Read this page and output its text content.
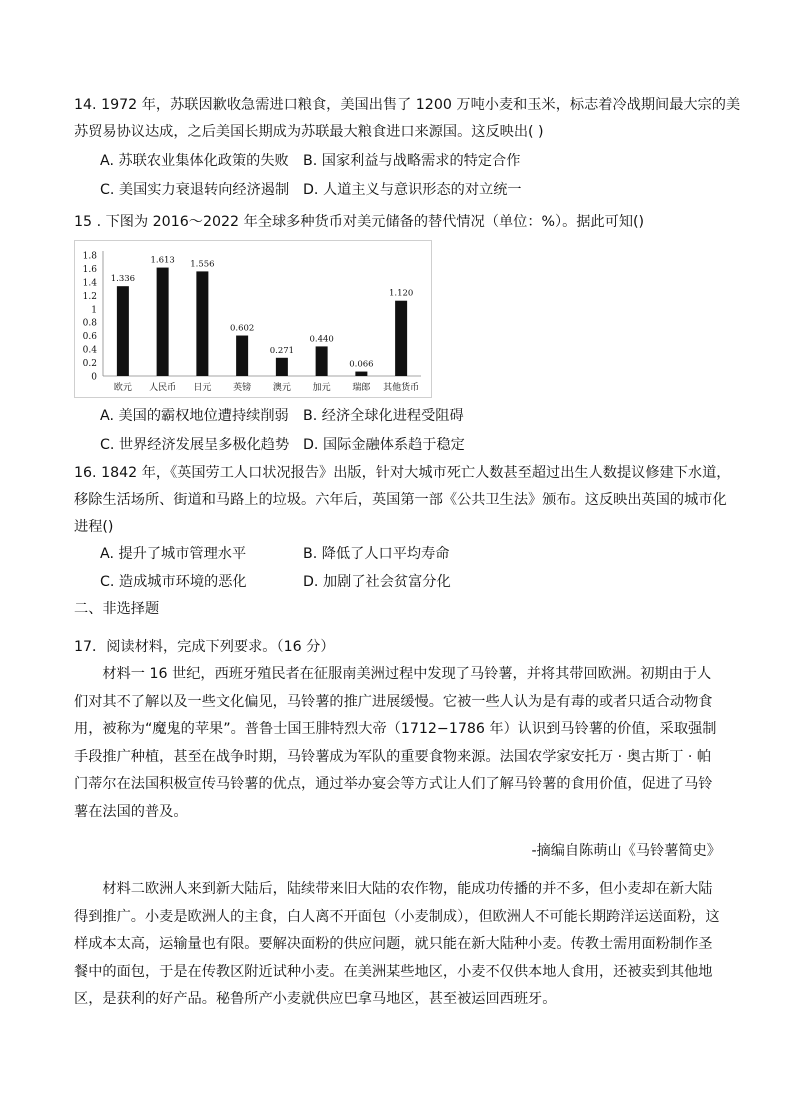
14. 1972 年，苏联因歉收急需进口粮食，美国出售了 1200 万吨小麦和玉米，标志着冷战期间最大宗的美
苏贸易协议达成，之后美国长期成为苏联最大粮食进口来源国。这反映出( )
A. 苏联农业集体化政策的失败 B. 国家利益与战略需求的特定合作
C. 美国实力衰退转向经济遏制 D. 人道主义与意识形态的对立统一
15 . 下图为 2016～2022 年全球多种货币对美元储备的替代情况（单位：%）。据此可知()
0
0.2
0.4
0.6
0.8
1
1.2
1.4
1.6
1.8
1.336
欧元
1.613
人民币
1.556
日元
0.602
英镑
0.271
澳元
0.440
加元
0.066
瑞郎
1.120
其他货币
A. 美国的霸权地位遭持续削弱 B. 经济全球化进程受阻碍
C. 世界经济发展呈多极化趋势 D. 国际金融体系趋于稳定
16. 1842 年，《英国劳工人口状况报告》出版，针对大城市死亡人数甚至超过出生人数提议修建下水道，
移除生活场所、街道和马路上的垃圾。六年后，英国第一部《公共卫生法》颁布。这反映出英国的城市化
进程()
A. 提升了城市管理水平	B. 降低了人口平均寿命
C. 造成城市环境的恶化	D. 加剧了社会贫富分化
二、非选择题
17．阅读材料，完成下列要求。（16 分）

材料一 16 世纪，西班牙殖民者在征服南美洲过程中发现了马铃薯，并将其带回欧洲。初期由于人们对其不了解以及一些文化偏见，马铃薯的推广进展缓慢。它被一些人认为是有毒的或者只适合动物食用，被称为“魔鬼的苹果”。普鲁士国王腓特烈大帝（1712−1786 年）认识到马铃薯的价值，采取强制手段推广种植，甚至在战争时期，马铃薯成为军队的重要食物来源。法国农学家安托万 · 奥古斯丁 · 帕门蒂尔在法国积极宣传马铃薯的优点，通过举办宴会等方式让人们了解马铃薯的食用价值，促进了马铃薯在法国的普及。

-摘编自陈萌山《马铃薯简史》

材料二欧洲人来到新大陆后，陆续带来旧大陆的农作物，能成功传播的并不多，但小麦却在新大陆得到推广。小麦是欧洲人的主食，白人离不开面包（小麦制成），但欧洲人不可能长期跨洋运送面粉，这样成本太高，运输量也有限。要解决面粉的供应问题，就只能在新大陆种小麦。传教士需用面粉制作圣餐中的面包，于是在传教区附近试种小麦。在美洲某些地区，小麦不仅供本地人食用，还被卖到其他地区，是获利的好产品。秘鲁所产小麦就供应巴拿马地区，甚至被运回西班牙。
